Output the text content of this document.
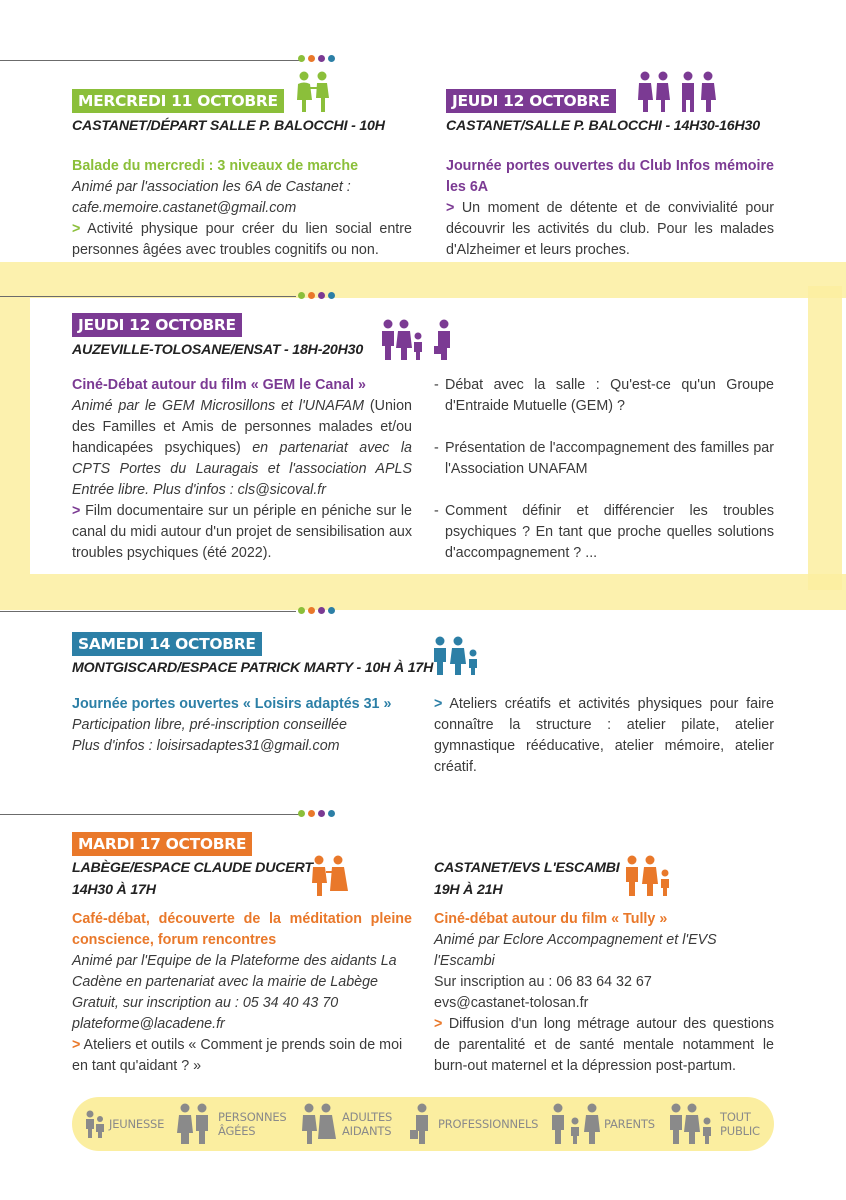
MERCREDI 11 OCTOBRE
CASTANET/DÉPART SALLE P. BALOCCHI - 10H
Balade du mercredi : 3 niveaux de marche
Animé par l'association les 6A de Castanet :
cafe.memoire.castanet@gmail.com
> Activité physique pour créer du lien social entre personnes âgées avec troubles cognitifs ou non.
JEUDI 12 OCTOBRE
CASTANET/SALLE P. BALOCCHI - 14H30-16H30
Journée portes ouvertes du Club Infos mémoire les 6A
> Un moment de détente et de convivialité pour découvrir les activités du club. Pour les malades d'Alzheimer et leurs proches.
JEUDI 12 OCTOBRE
AUZEVILLE-TOLOSANE/ENSAT - 18H-20H30
Ciné-Débat autour du film « GEM le Canal »
Animé par le GEM Microsillons et l'UNAFAM (Union des Familles et Amis de personnes malades et/ou handicapées psychiques) en partenariat avec la CPTS Portes du Lauragais et l'association APLS Entrée libre. Plus d'infos : cls@sicoval.fr
> Film documentaire sur un périple en péniche sur le canal du midi autour d'un projet de sensibilisation aux troubles psychiques (été 2022).
- Débat avec la salle : Qu'est-ce qu'un Groupe d'Entraide Mutuelle (GEM) ?
- Présentation de l'accompagnement des familles par l'Association UNAFAM
- Comment définir et différencier les troubles psychiques ? En tant que proche quelles solutions d'accompagnement ? ...
SAMEDI 14 OCTOBRE
MONTGISCARD/ESPACE PATRICK MARTY - 10H À 17H
Journée portes ouvertes « Loisirs adaptés 31 »
Participation libre, pré-inscription conseillée
Plus d'infos : loisirsadaptes31@gmail.com
> Ateliers créatifs et activités physiques pour faire connaître la structure : atelier pilate, atelier gymnastique rééducative, atelier mémoire, atelier créatif.
MARDI 17 OCTOBRE
LABÈGE/ESPACE CLAUDE DUCERT
14H30 À 17H
Café-débat, découverte de la méditation pleine conscience, forum rencontres
Animé par l'Equipe de la Plateforme des aidants La Cadène en partenariat avec la mairie de Labège Gratuit, sur inscription au : 05 34 40 43 70 plateforme@lacadene.fr
> Ateliers et outils « Comment je prends soin de moi en tant qu'aidant ? »
CASTANET/EVS L'ESCAMBI
19H À 21H
Ciné-débat autour du film « Tully »
Animé par Eclore Accompagnement et l'EVS l'Escambi
Sur inscription au : 06 83 64 32 67
evs@castanet-tolosan.fr
> Diffusion d'un long métrage autour des questions de parentalité et de santé mentale notamment le burn-out maternel et la dépression post-partum.
JEUNESSE	PERSONNES
ÂGÉES
ADULTES
AIDANTS	PROFESSIONNELS	PARENTS	TOUT
PUBLIC
